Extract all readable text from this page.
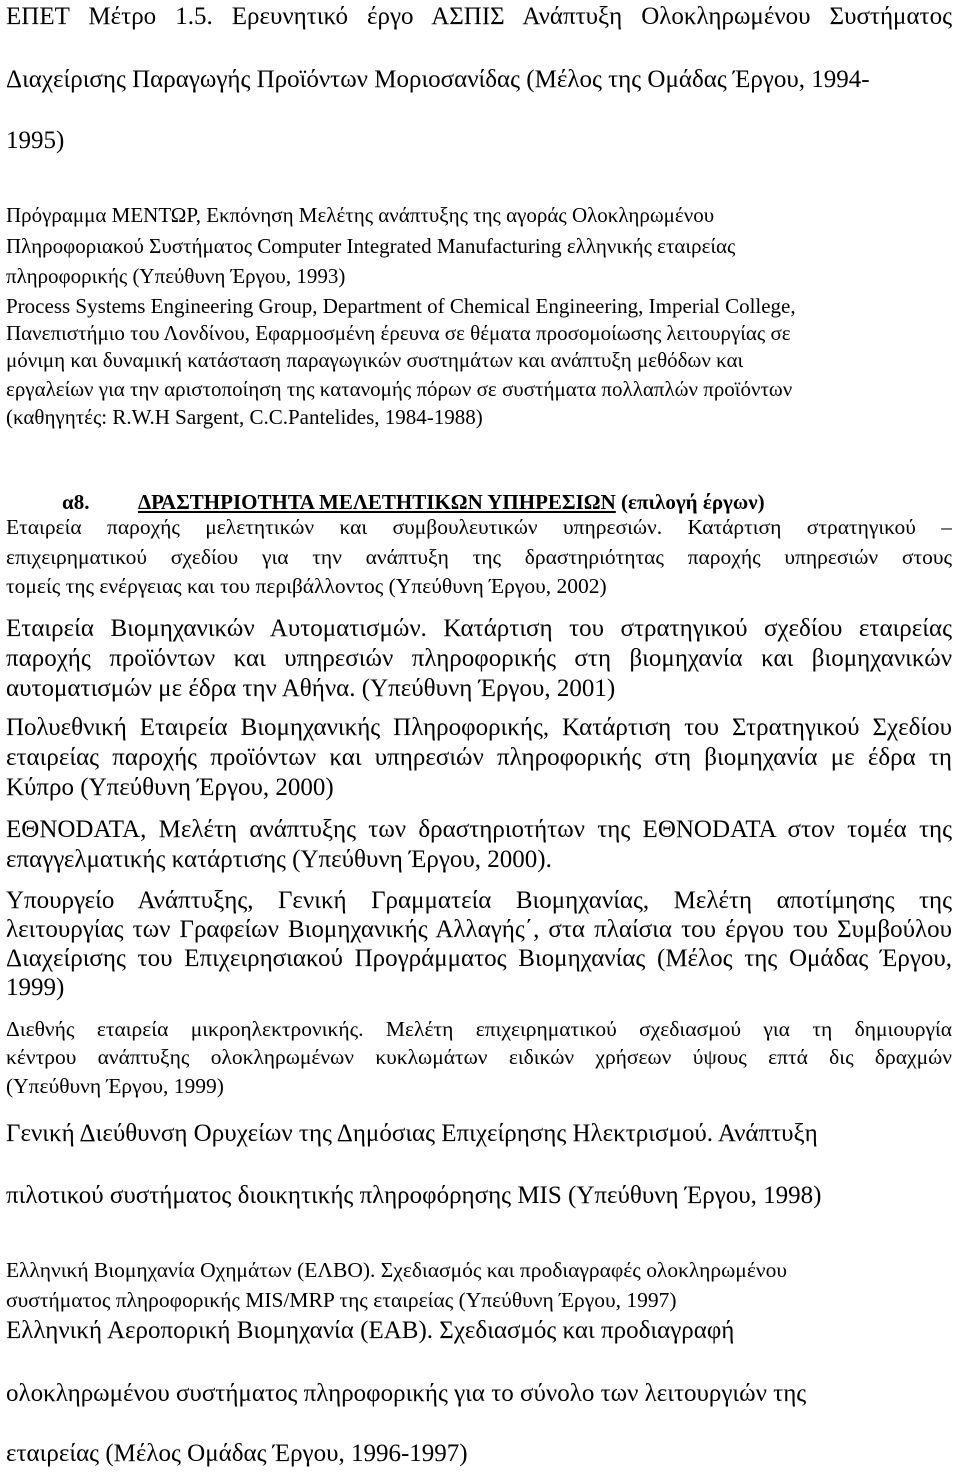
ΕΠΕΤ Μέτρο 1.5. Ερευνητικό έργο ΑΣΠΙΣ Ανάπτυξη Ολοκληρωμένου Συστήματος
Διαχείρισης Παραγωγής Προϊόντων Μοριοσανίδας (Μέλος της Ομάδας Έργου, 1994-
1995)
Πρόγραμμα ΜΕΝΤΩΡ, Εκπόνηση Μελέτης ανάπτυξης της αγοράς Ολοκληρωμένου
Πληροφοριακού Συστήματος Computer Integrated Manufacturing ελληνικής εταιρείας
πληροφορικής (Υπεύθυνη Έργου, 1993)
Process Systems Engineering Group, Department of Chemical Engineering, Imperial College,
Πανεπιστήμιο του Λονδίνου, Εφαρμοσμένη έρευνα σε θέματα προσομοίωσης λειτουργίας σε
μόνιμη και δυναμική κατάσταση παραγωγικών συστημάτων και ανάπτυξη μεθόδων και
εργαλείων για την αριστοποίηση της κατανομής πόρων σε συστήματα πολλαπλών προϊόντων
(καθηγητές: R.W.H Sargent, C.C.Pantelides, 1984-1988)
α8. ΔΡΑΣΤΗΡΙΟΤΗΤΑ ΜΕΛΕΤΗΤΙΚΩΝ ΥΠΗΡΕΣΙΩΝ (επιλογή έργων)
Εταιρεία παροχής μελετητικών και συμβουλευτικών υπηρεσιών. Κατάρτιση στρατηγικού –
επιχειρηματικού σχεδίου για την ανάπτυξη της δραστηριότητας παροχής υπηρεσιών στους
τομείς της ενέργειας και του περιβάλλοντος (Υπεύθυνη Έργου, 2002)
Εταιρεία Βιομηχανικών Αυτοματισμών. Κατάρτιση του στρατηγικού σχεδίου εταιρείας
παροχής προϊόντων και υπηρεσιών πληροφορικής στη βιομηχανία και βιομηχανικών
αυτοματισμών με έδρα την Αθήνα. (Υπεύθυνη Έργου, 2001)
Πολυεθνική Εταιρεία Βιομηχανικής Πληροφορικής, Κατάρτιση του Στρατηγικού Σχεδίου
εταιρείας παροχής προϊόντων και υπηρεσιών πληροφορικής στη βιομηχανία με έδρα τη
Κύπρο (Υπεύθυνη Έργου, 2000)
ΕΘΝΟDATA, Μελέτη ανάπτυξης των δραστηριοτήτων της ΕΘΝΟDATA στον τομέα της
επαγγελματικής κατάρτισης (Υπεύθυνη Έργου, 2000).
Υπουργείο Ανάπτυξης, Γενική Γραμματεία Βιομηχανίας, Μελέτη αποτίμησης της
λειτουργίας των Γραφείων Βιομηχανικής Αλλαγής΄, στα πλαίσια του έργου του Συμβούλου
Διαχείρισης του Επιχειρησιακού Προγράμματος Βιομηχανίας (Μέλος της Ομάδας Έργου,
1999)
Διεθνής εταιρεία μικροηλεκτρονικής. Μελέτη επιχειρηματικού σχεδιασμού για τη δημιουργία
κέντρου ανάπτυξης ολοκληρωμένων κυκλωμάτων ειδικών χρήσεων ύψους επτά δις δραχμών
(Υπεύθυνη Έργου, 1999)
Γενική Διεύθυνση Ορυχείων της Δημόσιας Επιχείρησης Ηλεκτρισμού. Ανάπτυξη
πιλοτικού συστήματος διοικητικής πληροφόρησης MIS (Υπεύθυνη Έργου, 1998)
Ελληνική Βιομηχανία Οχημάτων (ΕΛΒΟ). Σχεδιασμός και προδιαγραφές ολοκληρωμένου
συστήματος πληροφορικής MIS/MRP της εταιρείας (Υπεύθυνη Έργου, 1997)
Ελληνική Αεροπορική Βιομηχανία (ΕΑΒ). Σχεδιασμός και προδιαγραφή
ολοκληρωμένου συστήματος πληροφορικής για το σύνολο των λειτουργιών της
εταιρείας (Μέλος Ομάδας Έργου, 1996-1997)
